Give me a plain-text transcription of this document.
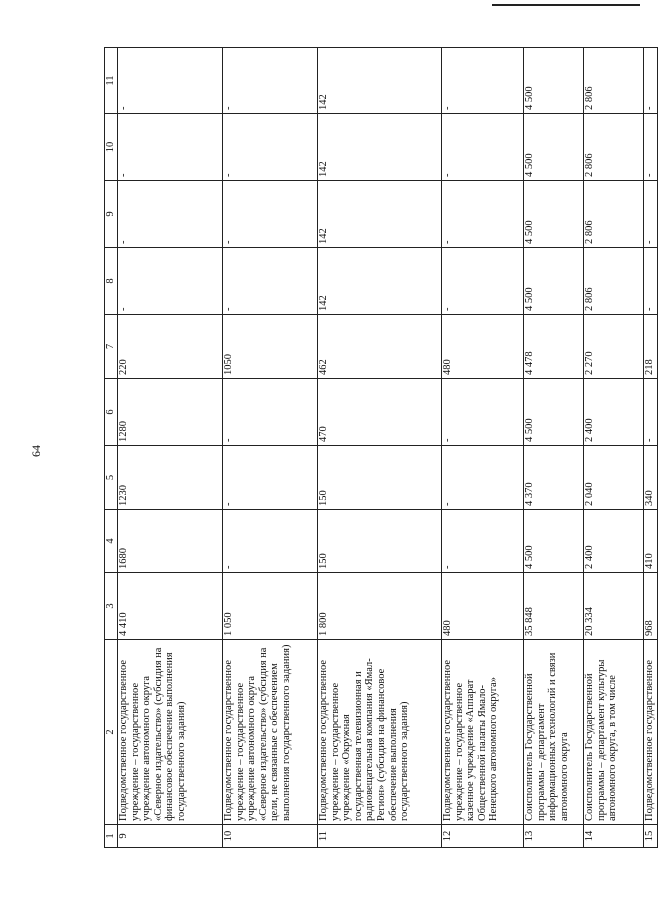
64
1	2	3	4	5	6	7	8	9	10	11
9	Подведомственное государственное учреждение – государственное учреждение автономного округа «Северное издательство» (субсидия на финансовое обеспечение выполнения государственного задания)	4 410	1680	1230	1280	220	-	-	-	-
10	Подведомственное государственное учреждение – государственное учреждение автономного округа «Северное издательство» (субсидия на цели, не связанные с обеспечением выполнения государственного задания)	1 050	-	-	-	1050	-	-	-	-
11	Подведомственное государственное учреждение – государственное учреждение «Окружная государственная телевизионная и радиовещательная компания «Ямал-Регион» (субсидия на финансовое обеспечение выполнения государственного задания)	1 800	150	150	470	462	142	142	142	142
12	Подведомственное государственное учреждение – государственное казенное учреждение «Аппарат Общественной палаты Ямало-Ненецкого автономного округа»	480	-	-	-	480	-	-	-	-
13	Соисполнитель Государственной программы – департамент информационных технологий и связи автономного округа	35 848	4 500	4 370	4 500	4 478	4 500	4 500	4 500	4 500
14	Соисполнитель Государственной программы – департамент культуры автономного округа, в том числе	20 334	2 400	2 040	2 400	2 270	2 806	2 806	2 806	2 806
15	Подведомственное государственное	968	410	340	-	218	-	-	-	-
